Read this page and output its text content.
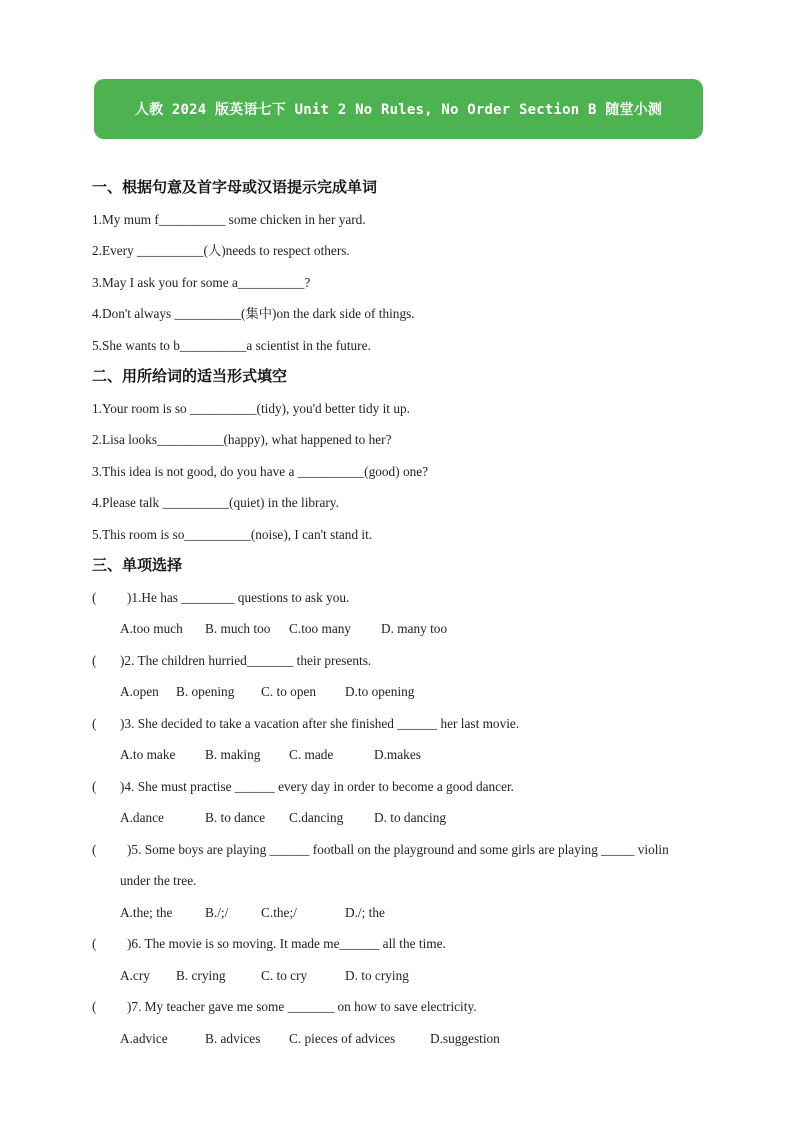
人教 2024 版英语七下 Unit 2 No Rules, No Order Section B 随堂小测
一、根据句意及首字母或汉语提示完成单词
1.My mum f__________ some chicken in her yard.
2.Every __________(人)needs to respect others.
3.May I ask you for some a__________?
4.Don't always __________(集中)on the dark side of things.
5.She wants to b__________a scientist in the future.
二、用所给词的适当形式填空
1.Your room is so __________(tidy), you'd better tidy it up.
2.Lisa looks__________(happy), what happened to her?
3.This idea is not good, do you have a __________(good) one?
4.Please talk __________(quiet) in the library.
5.This room is so__________(noise), I can't stand it.
三、单项选择
( )1.He has ________ questions to ask you.
A.too much B. much too C.too many D. many too
( )2. The children hurried_______ their presents.
A.open B. opening C. to open D.to opening
( )3. She decided to take a vacation after she finished ______ her last movie.
A.to make B. making C. made	D.makes
( )4. She must practise ______ every day in order to become a good dancer.
A.dance	B. to dance C.dancing D. to dancing
( )5. Some boys are playing ______ football on the playground and some girls are playing _____ violin
under the tree.
A.the; the B./;/ C.the;/	D./; the
( )6. The movie is so moving. It made me______ all the time.
A.cry B. crying	C. to cry	D. to crying
( )7. My teacher gave me some _______ on how to save electricity.
A.advice	B. advices C. pieces of advices	D.suggestion
